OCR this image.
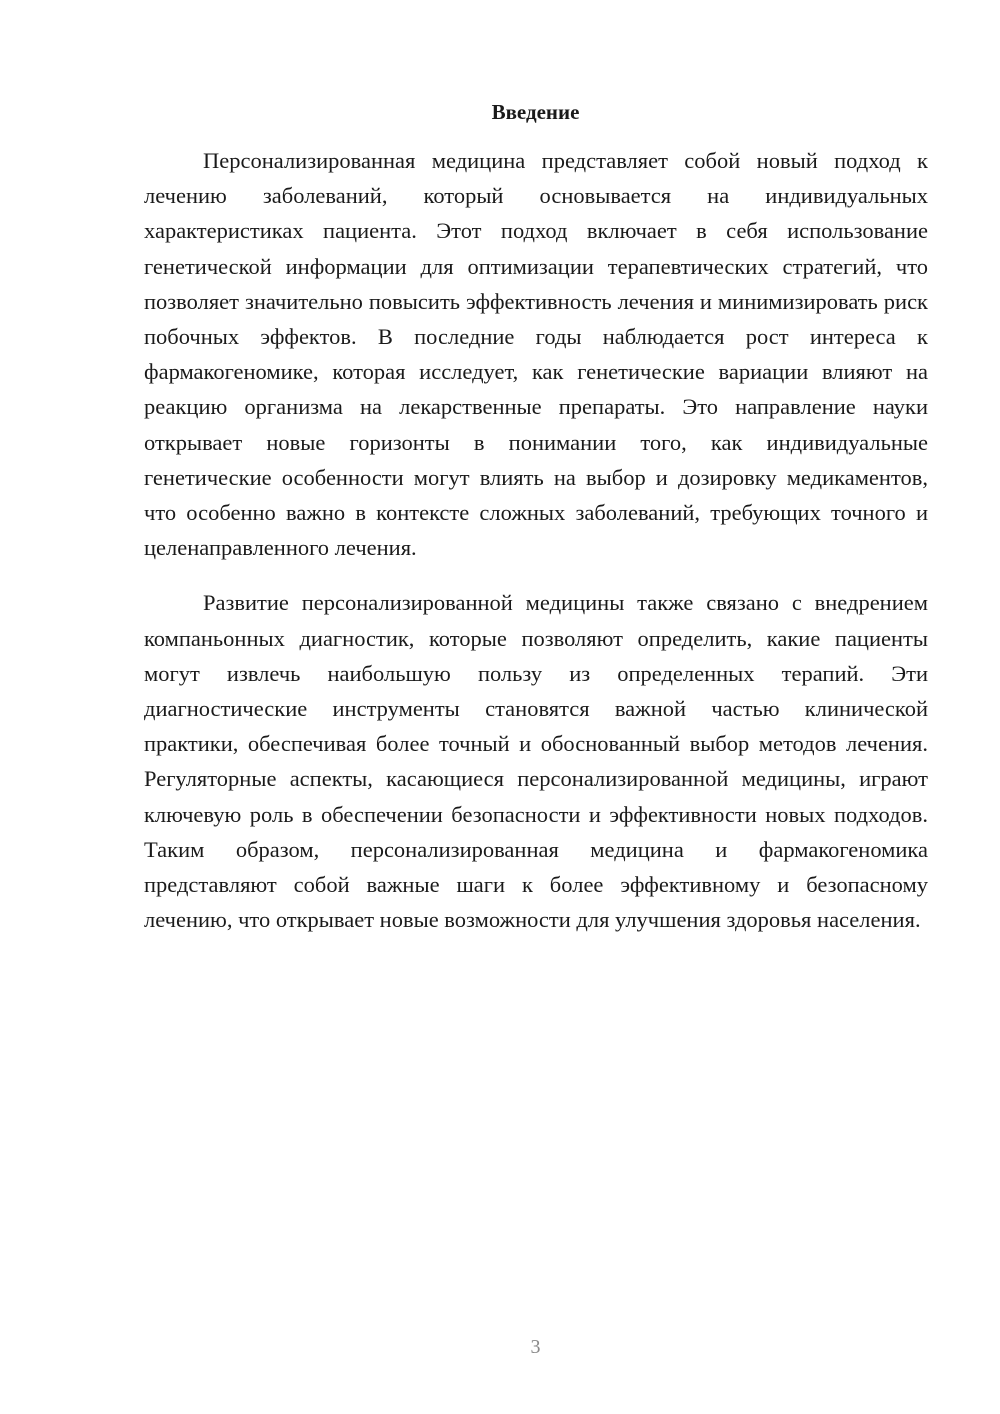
Введение

Персонализированная медицина представляет собой новый подход к лечению заболеваний, который основывается на индивидуальных характеристиках пациента. Этот подход включает в себя использование генетической информации для оптимизации терапевтических стратегий, что позволяет значительно повысить эффективность лечения и минимизировать риск побочных эффектов. В последние годы наблюдается рост интереса к фармакогеномике, которая исследует, как генетические вариации влияют на реакцию организма на лекарственные препараты. Это направление науки открывает новые горизонты в понимании того, как индивидуальные генетические особенности могут влиять на выбор и дозировку медикаментов, что особенно важно в контексте сложных заболеваний, требующих точного и целенаправленного лечения.

Развитие персонализированной медицины также связано с внедрением компаньонных диагностик, которые позволяют определить, какие пациенты могут извлечь наибольшую пользу из определенных терапий. Эти диагностические инструменты становятся важной частью клинической практики, обеспечивая более точный и обоснованный выбор методов лечения. Регуляторные аспекты, касающиеся персонализированной медицины, играют ключевую роль в обеспечении безопасности и эффективности новых подходов. Таким образом, персонализированная медицина и фармакогеномика представляют собой важные шаги к более эффективному и безопасному лечению, что открывает новые возможности для улучшения здоровья населения.

3
